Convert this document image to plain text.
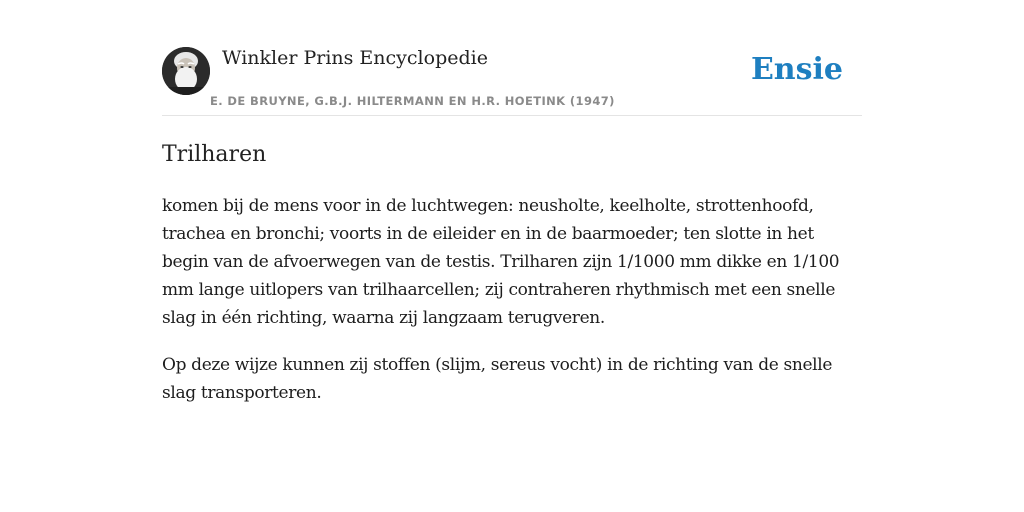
Winkler Prins Encyclopedie
E. DE BRUYNE, G.B.J. HILTERMANN EN H.R. HOETINK (1947)
Ensie
Trilharen

komen bij de mens voor in de luchtwegen: neusholte, keelholte, strottenhoofd, trachea en bronchi; voorts in de eileider en in de baarmoeder; ten slotte in het begin van de afvoerwegen van de testis. Trilharen zijn 1/1000 mm dikke en 1/100 mm lange uitlopers van trilhaarcellen; zij contraheren rhythmisch met een snelle slag in één richting, waarna zij langzaam terugveren.

Op deze wijze kunnen zij stoffen (slijm, sereus vocht) in de richting van de snelle slag transporteren.
